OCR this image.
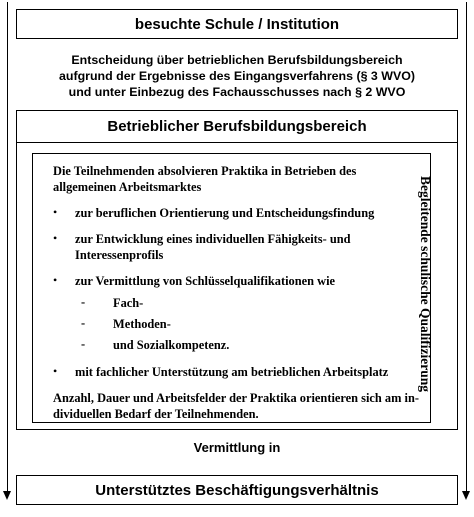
besuchte Schule / Institution
Entscheidung über betrieblichen Berufsbildungsbereich
aufgrund der Ergebnisse des Eingangsverfahrens (§ 3 WVO)
und unter Einbezug des Fachausschusses nach § 2 WVO
Betrieblicher Berufsbildungsbereich
Begleitende schulische Qualifizierung
Die Teilnehmenden absolvieren Praktika in Betrieben des
allgemeinen Arbeitsmarktes
• zur beruflichen Orientierung und Entscheidungsfindung
• zur Entwicklung eines individuellen Fähigkeits- und
Interessenprofils
• zur Vermittlung von Schlüsselqualifikationen wie
- Fach-
- Methoden-
- und Sozialkompetenz.
• mit fachlicher Unterstützung am betrieblichen Arbeitsplatz
Anzahl, Dauer und Arbeitsfelder der Praktika orientieren sich am in-
dividuellen Bedarf der Teilnehmenden.
Vermittlung in
Unterstütztes Beschäftigungsverhältnis
